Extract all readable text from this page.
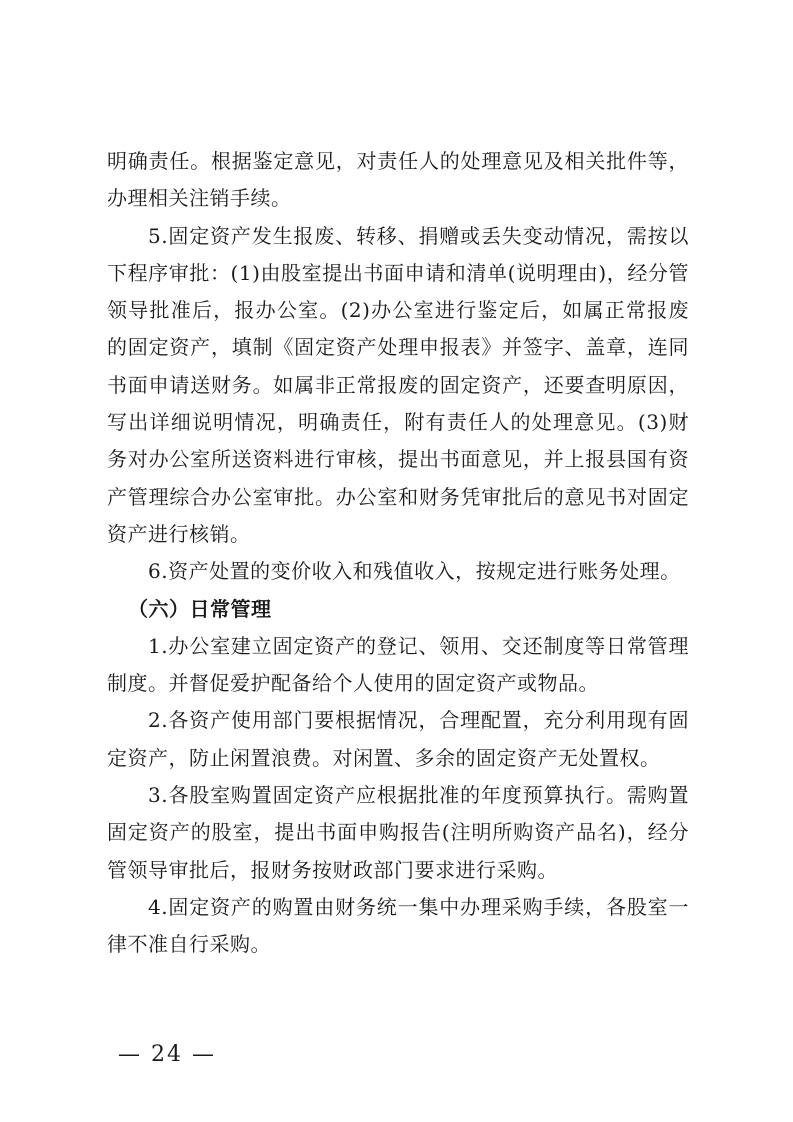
明确责任。根据鉴定意见，对责任人的处理意见及相关批件等，办理相关注销手续。

5.固定资产发生报废、转移、捐赠或丢失变动情况，需按以下程序审批：(1)由股室提出书面申请和清单(说明理由)，经分管领导批准后，报办公室。(2)办公室进行鉴定后，如属正常报废的固定资产，填制《固定资产处理申报表》并签字、盖章，连同书面申请送财务。如属非正常报废的固定资产，还要查明原因，写出详细说明情况，明确责任，附有责任人的处理意见。(3)财务对办公室所送资料进行审核，提出书面意见，并上报县国有资产管理综合办公室审批。办公室和财务凭审批后的意见书对固定资产进行核销。

6.资产处置的变价收入和残值收入，按规定进行账务处理。

（六）日常管理

1.办公室建立固定资产的登记、领用、交还制度等日常管理制度。并督促爱护配备给个人使用的固定资产或物品。

2.各资产使用部门要根据情况，合理配置，充分利用现有固定资产，防止闲置浪费。对闲置、多余的固定资产无处置权。

3.各股室购置固定资产应根据批准的年度预算执行。需购置固定资产的股室，提出书面申购报告(注明所购资产品名)，经分管领导审批后，报财务按财政部门要求进行采购。

4.固定资产的购置由财务统一集中办理采购手续，各股室一律不准自行采购。

— 24 —
